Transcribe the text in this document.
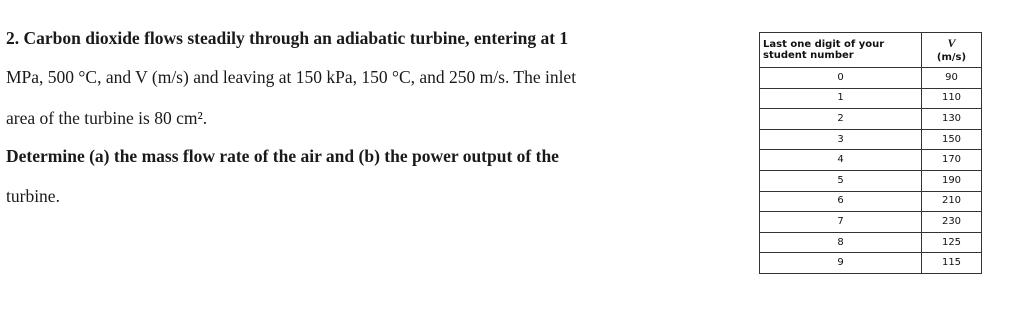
2. Carbon dioxide flows steadily through an adiabatic turbine, entering at 1
MPa, 500 °C, and V (m/s) and leaving at 150 kPa, 150 °C, and 250 m/s. The inlet
area of the turbine is 80 cm².
Determine (a) the mass flow rate of the air and (b) the power output of the
turbine.
Last one digit of your student number	V
(m/s)

0	90
1	110
2	130
3	150
4	170
5	190
6	210
7	230
8	125
9	115
